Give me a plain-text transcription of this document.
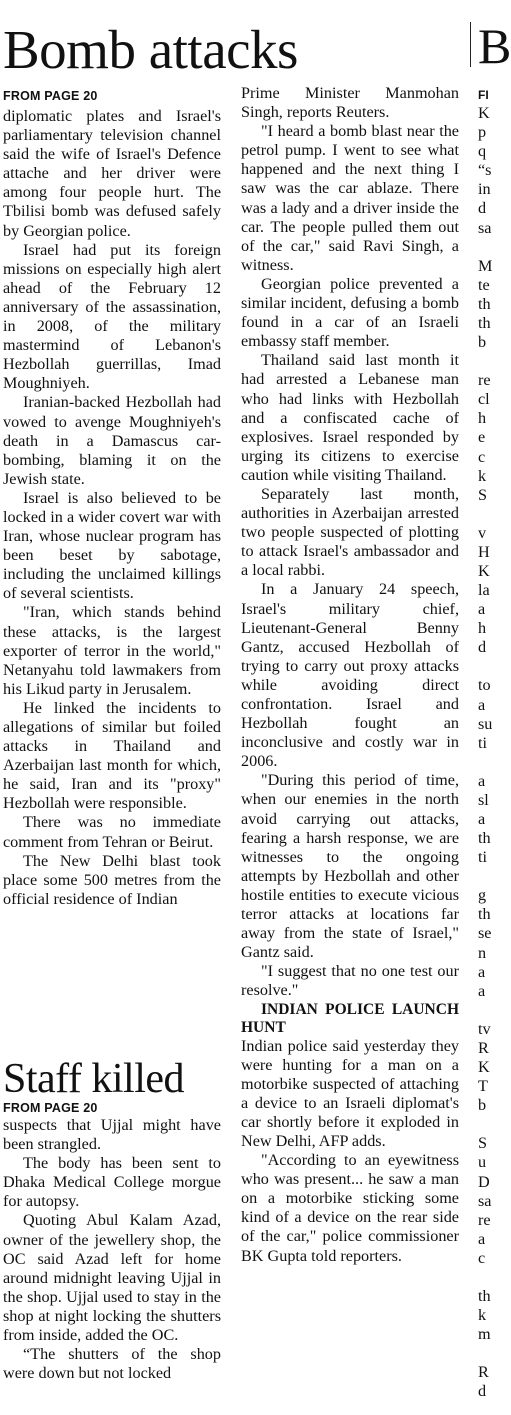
Bomb attacks
FROM PAGE 20

diplomatic plates and Israel's parliamentary television channel said the wife of Israel's Defence attache and her driver were among four people hurt. The Tbilisi bomb was defused safely by Georgian police.

Israel had put its foreign missions on especially high alert ahead of the February 12 anniversary of the assassination, in 2008, of the military mastermind of Lebanon's Hezbollah guerrillas, Imad Moughniyeh.

Iranian-backed Hezbollah had vowed to avenge Moughniyeh's death in a Damascus car-bombing, blaming it on the Jewish state.

Israel is also believed to be locked in a wider covert war with Iran, whose nuclear program has been beset by sabotage, including the unclaimed killings of several scientists.

"Iran, which stands behind these attacks, is the largest exporter of terror in the world," Netanyahu told lawmakers from his Likud party in Jerusalem.

He linked the incidents to allegations of similar but foiled attacks in Thailand and Azerbaijan last month for which, he said, Iran and its "proxy" Hezbollah were responsible.

There was no immediate comment from Tehran or Beirut.

The New Delhi blast took place some 500 metres from the official residence of Indian

Prime Minister Manmohan Singh, reports Reuters.

"I heard a bomb blast near the petrol pump. I went to see what happened and the next thing I saw was the car ablaze. There was a lady and a driver inside the car. The people pulled them out of the car," said Ravi Singh, a witness.

Georgian police prevented a similar incident, defusing a bomb found in a car of an Israeli embassy staff member.

Thailand said last month it had arrested a Lebanese man who had links with Hezbollah and a confiscated cache of explosives. Israel responded by urging its citizens to exercise caution while visiting Thailand.

Separately last month, authorities in Azerbaijan arrested two people suspected of plotting to attack Israel's ambassador and a local rabbi.

In a January 24 speech, Israel's military chief, Lieutenant-General Benny Gantz, accused Hezbollah of trying to carry out proxy attacks while avoiding direct confrontation. Israel and Hezbollah fought an inconclusive and costly war in 2006.

"During this period of time, when our enemies in the north avoid carrying out attacks, fearing a harsh response, we are witnesses to the ongoing attempts by Hezbollah and other hostile entities to execute vicious terror attacks at locations far away from the state of Israel," Gantz said.

"I suggest that no one test our resolve."

INDIAN POLICE LAUNCH HUNT

Indian police said yesterday they were hunting for a man on a motorbike suspected of attaching a device to an Israeli diplomat's car shortly before it exploded in New Delhi, AFP adds.

"According to an eyewitness who was present... he saw a man on a motorbike sticking some kind of a device on the rear side of the car," police commissioner BK Gupta told reporters.

Staff killed
FROM PAGE 20

suspects that Ujjal might have been strangled.

The body has been sent to Dhaka Medical College morgue for autopsy.

Quoting Abul Kalam Azad, owner of the jewellery shop, the OC said Azad left for home around midnight leaving Ujjal in the shop. Ujjal used to stay in the shop at night locking the shutters from inside, added the OC.

“The shutters of the shop were down but not locked

B
FI
K
p
q
“s
in
d
sa
M
te
th
th
b
re
cl
h
e
c
k
S
v
H
K
la
a
h
d
to
a
su
ti
a
sl
a
th
ti
g
th
se
n
a
a
tv
R
K
T
b
S
u
D
sa
re
a
c
th
k
m
R
d
